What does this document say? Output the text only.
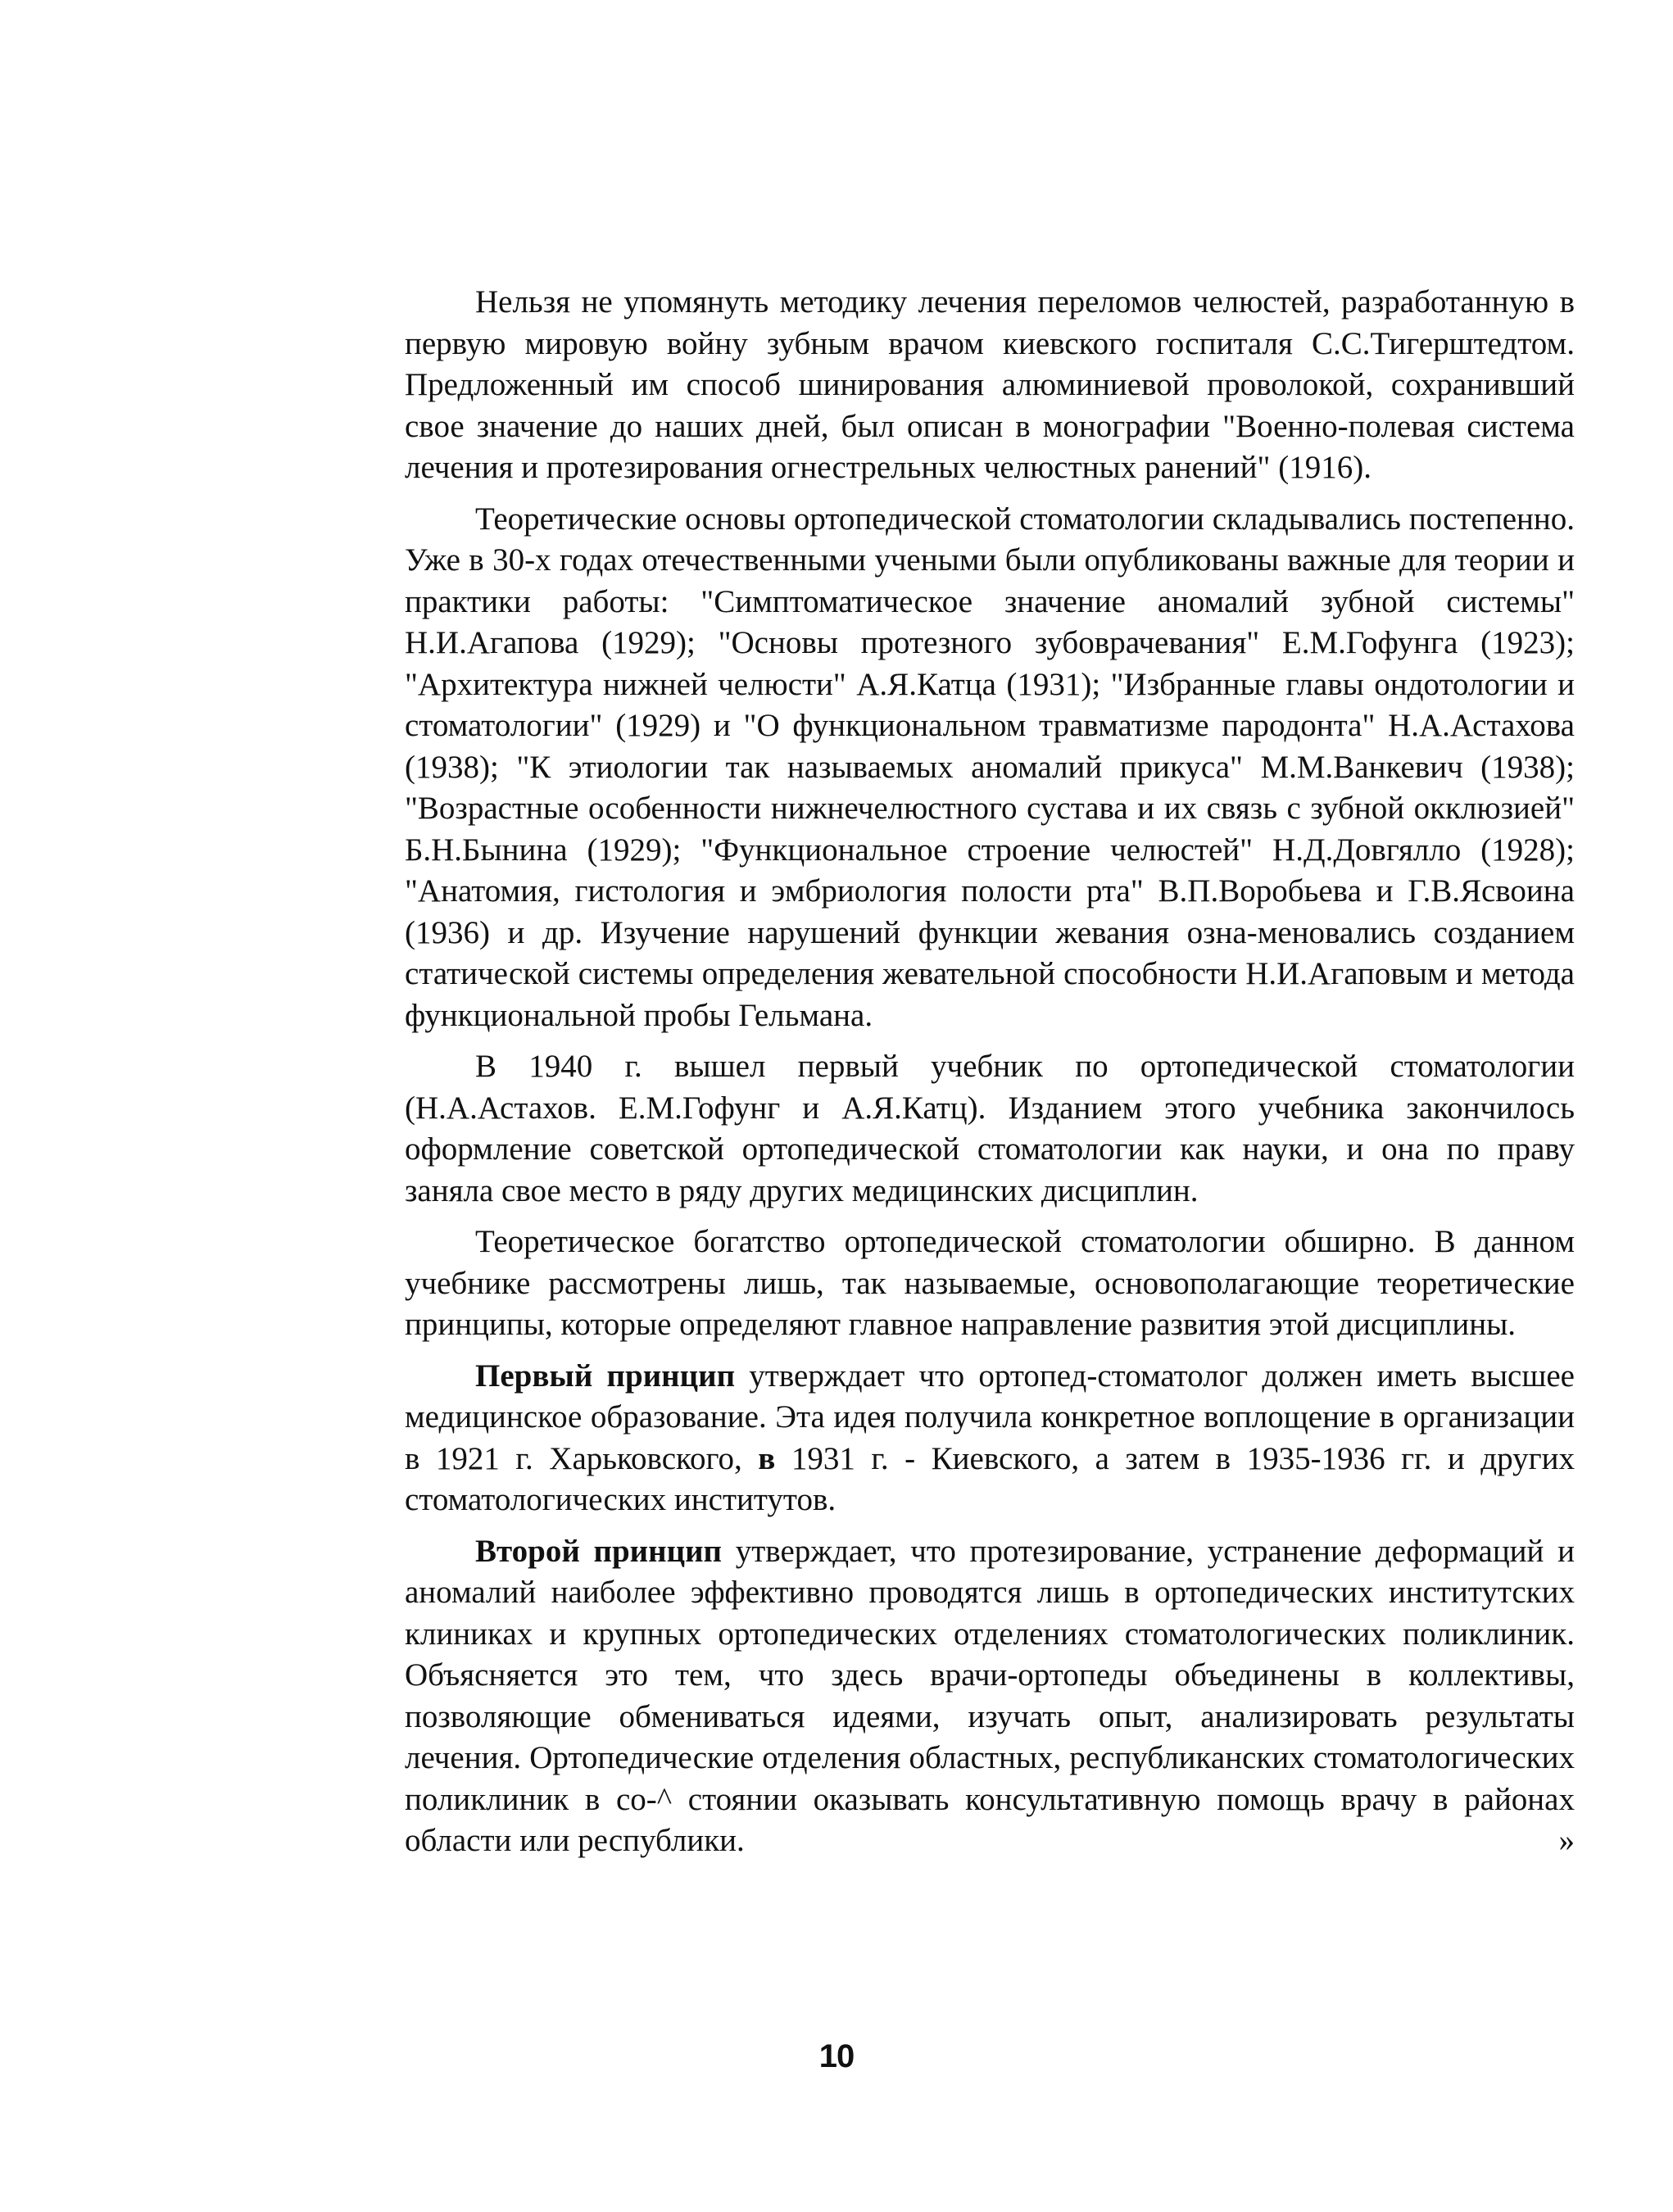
Нельзя не упомянуть методику лечения переломов челюстей, разработанную в первую мировую войну зубным врачом киевского госпиталя С.С.Тигерштедтом. Предложенный им способ шинирования алюминиевой проволокой, сохранивший свое значение до наших дней, был описан в монографии "Военно-полевая система лечения и протезирования огнестрельных челюстных ранений" (1916).

Теоретические основы ортопедической стоматологии складывались постепенно. Уже в 30-х годах отечественными учеными были опубликованы важные для теории и практики работы: "Симптоматическое значение аномалий зубной системы" Н.И.Агапова (1929); "Основы протезного зубоврачевания" Е.М.Гофунга (1923); "Архитектура нижней челюсти" А.Я.Катца (1931); "Избранные главы ондотологии и стоматологии" (1929) и "О функциональном травматизме пародонта" Н.А.Астахова (1938); "К этиологии так называемых аномалий прикуса" М.М.Ванкевич (1938); "Возрастные особенности нижнечелюстного сустава и их связь с зубной окклюзией" Б.Н.Бынина (1929); "Функциональное строение челюстей" Н.Д.Довгялло (1928); "Анатомия, гистология и эмбриология полости рта" В.П.Воробьева и Г.В.Ясвоина (1936) и др. Изучение нарушений функции жевания озна-меновались созданием статической системы определения жевательной способности Н.И.Агаповым и метода функциональной пробы Гельмана.

В 1940 г. вышел первый учебник по ортопедической стоматологии (Н.А.Астахов. Е.М.Гофунг и А.Я.Катц). Изданием этого учебника закончилось оформление советской ортопедической стоматологии как науки, и она по праву заняла свое место в ряду других медицинских дисциплин.

Теоретическое богатство ортопедической стоматологии обширно. В данном учебнике рассмотрены лишь, так называемые, основополагающие теоретические принципы, которые определяют главное направление развития этой дисциплины.

Первый принцип утверждает что ортопед-стоматолог должен иметь высшее медицинское образование. Эта идея получила конкретное воплощение в организации в 1921 г. Харьковского, в 1931 г. - Киевского, а затем в 1935-1936 гг. и других стоматологических институтов.

Второй принцип утверждает, что протезирование, устранение деформаций и аномалий наиболее эффективно проводятся лишь в ортопедических институтских клиниках и крупных ортопедических отделениях стоматологических поликлиник. Объясняется это тем, что здесь врачи-ортопеды объединены в коллективы, позволяющие обмениваться идеями, изучать опыт, анализировать результаты лечения. Ортопедические отделения областных, республиканских стоматологических поликлиник в со-^ стоянии оказывать консультативную помощь врачу в районах области или республики.	»

10
